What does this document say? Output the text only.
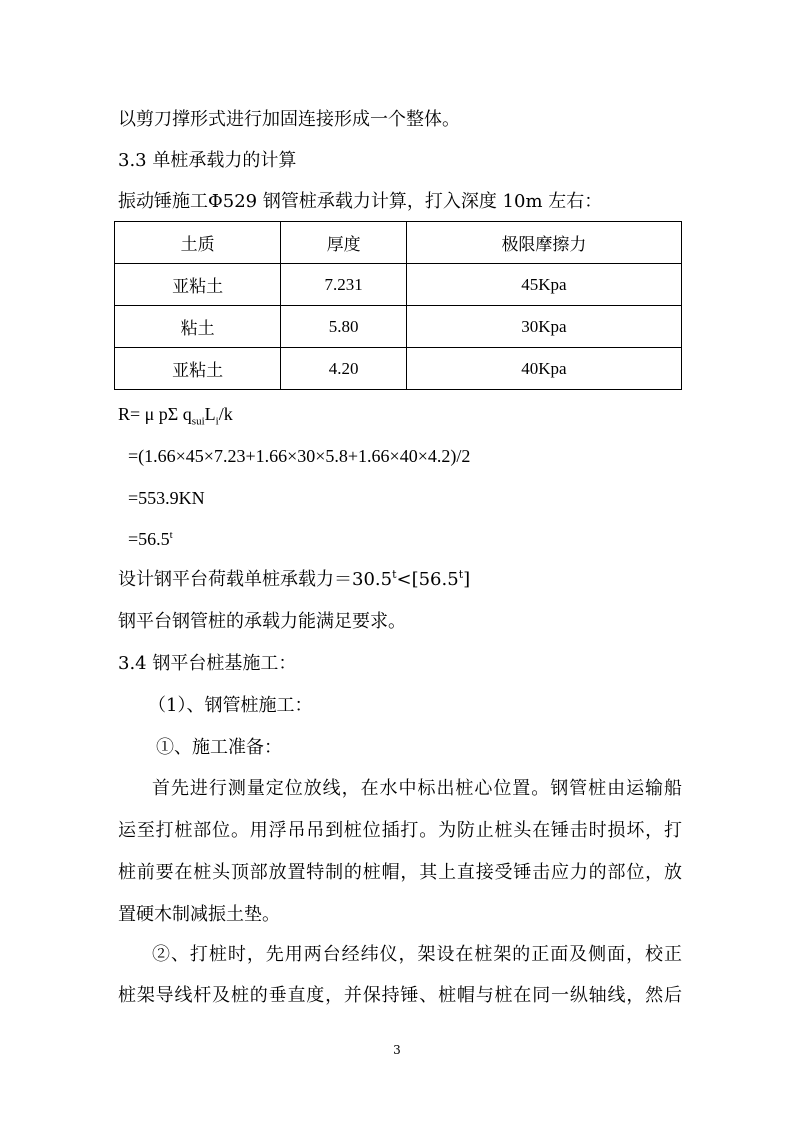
以剪刀撑形式进行加固连接形成一个整体。
3.3 单桩承载力的计算
振动锤施工Φ529 钢管桩承载力计算，打入深度 10m 左右：
土质	厚度	极限摩擦力
亚粘土	7.231	45Kpa
粘土	5.80	30Kpa
亚粘土	4.20	40Kpa
R= μ pΣ $q_{sui}L_i/k$
=(1.66×45×7.23+1.66×30×5.8+1.66×40×4.2)/2
=553.9KN
$=56.5^t$
设计钢平台荷载单桩承载力$=30.5^t<[56.5^t]$
钢平台钢管桩的承载力能满足要求。
3.4 钢平台桩基施工：
（1）、钢管桩施工：
①、施工准备：
首先进行测量定位放线，在水中标出桩心位置。钢管桩由运输船
运至打桩部位。用浮吊吊到桩位插打。为防止桩头在锤击时损坏，打
桩前要在桩头顶部放置特制的桩帽，其上直接受锤击应力的部位，放
置硬木制减振土垫。
②、打桩时，先用两台经纬仪，架设在桩架的正面及侧面，校正
桩架导线杆及桩的垂直度，并保持锤、桩帽与桩在同一纵轴线，然后
3
